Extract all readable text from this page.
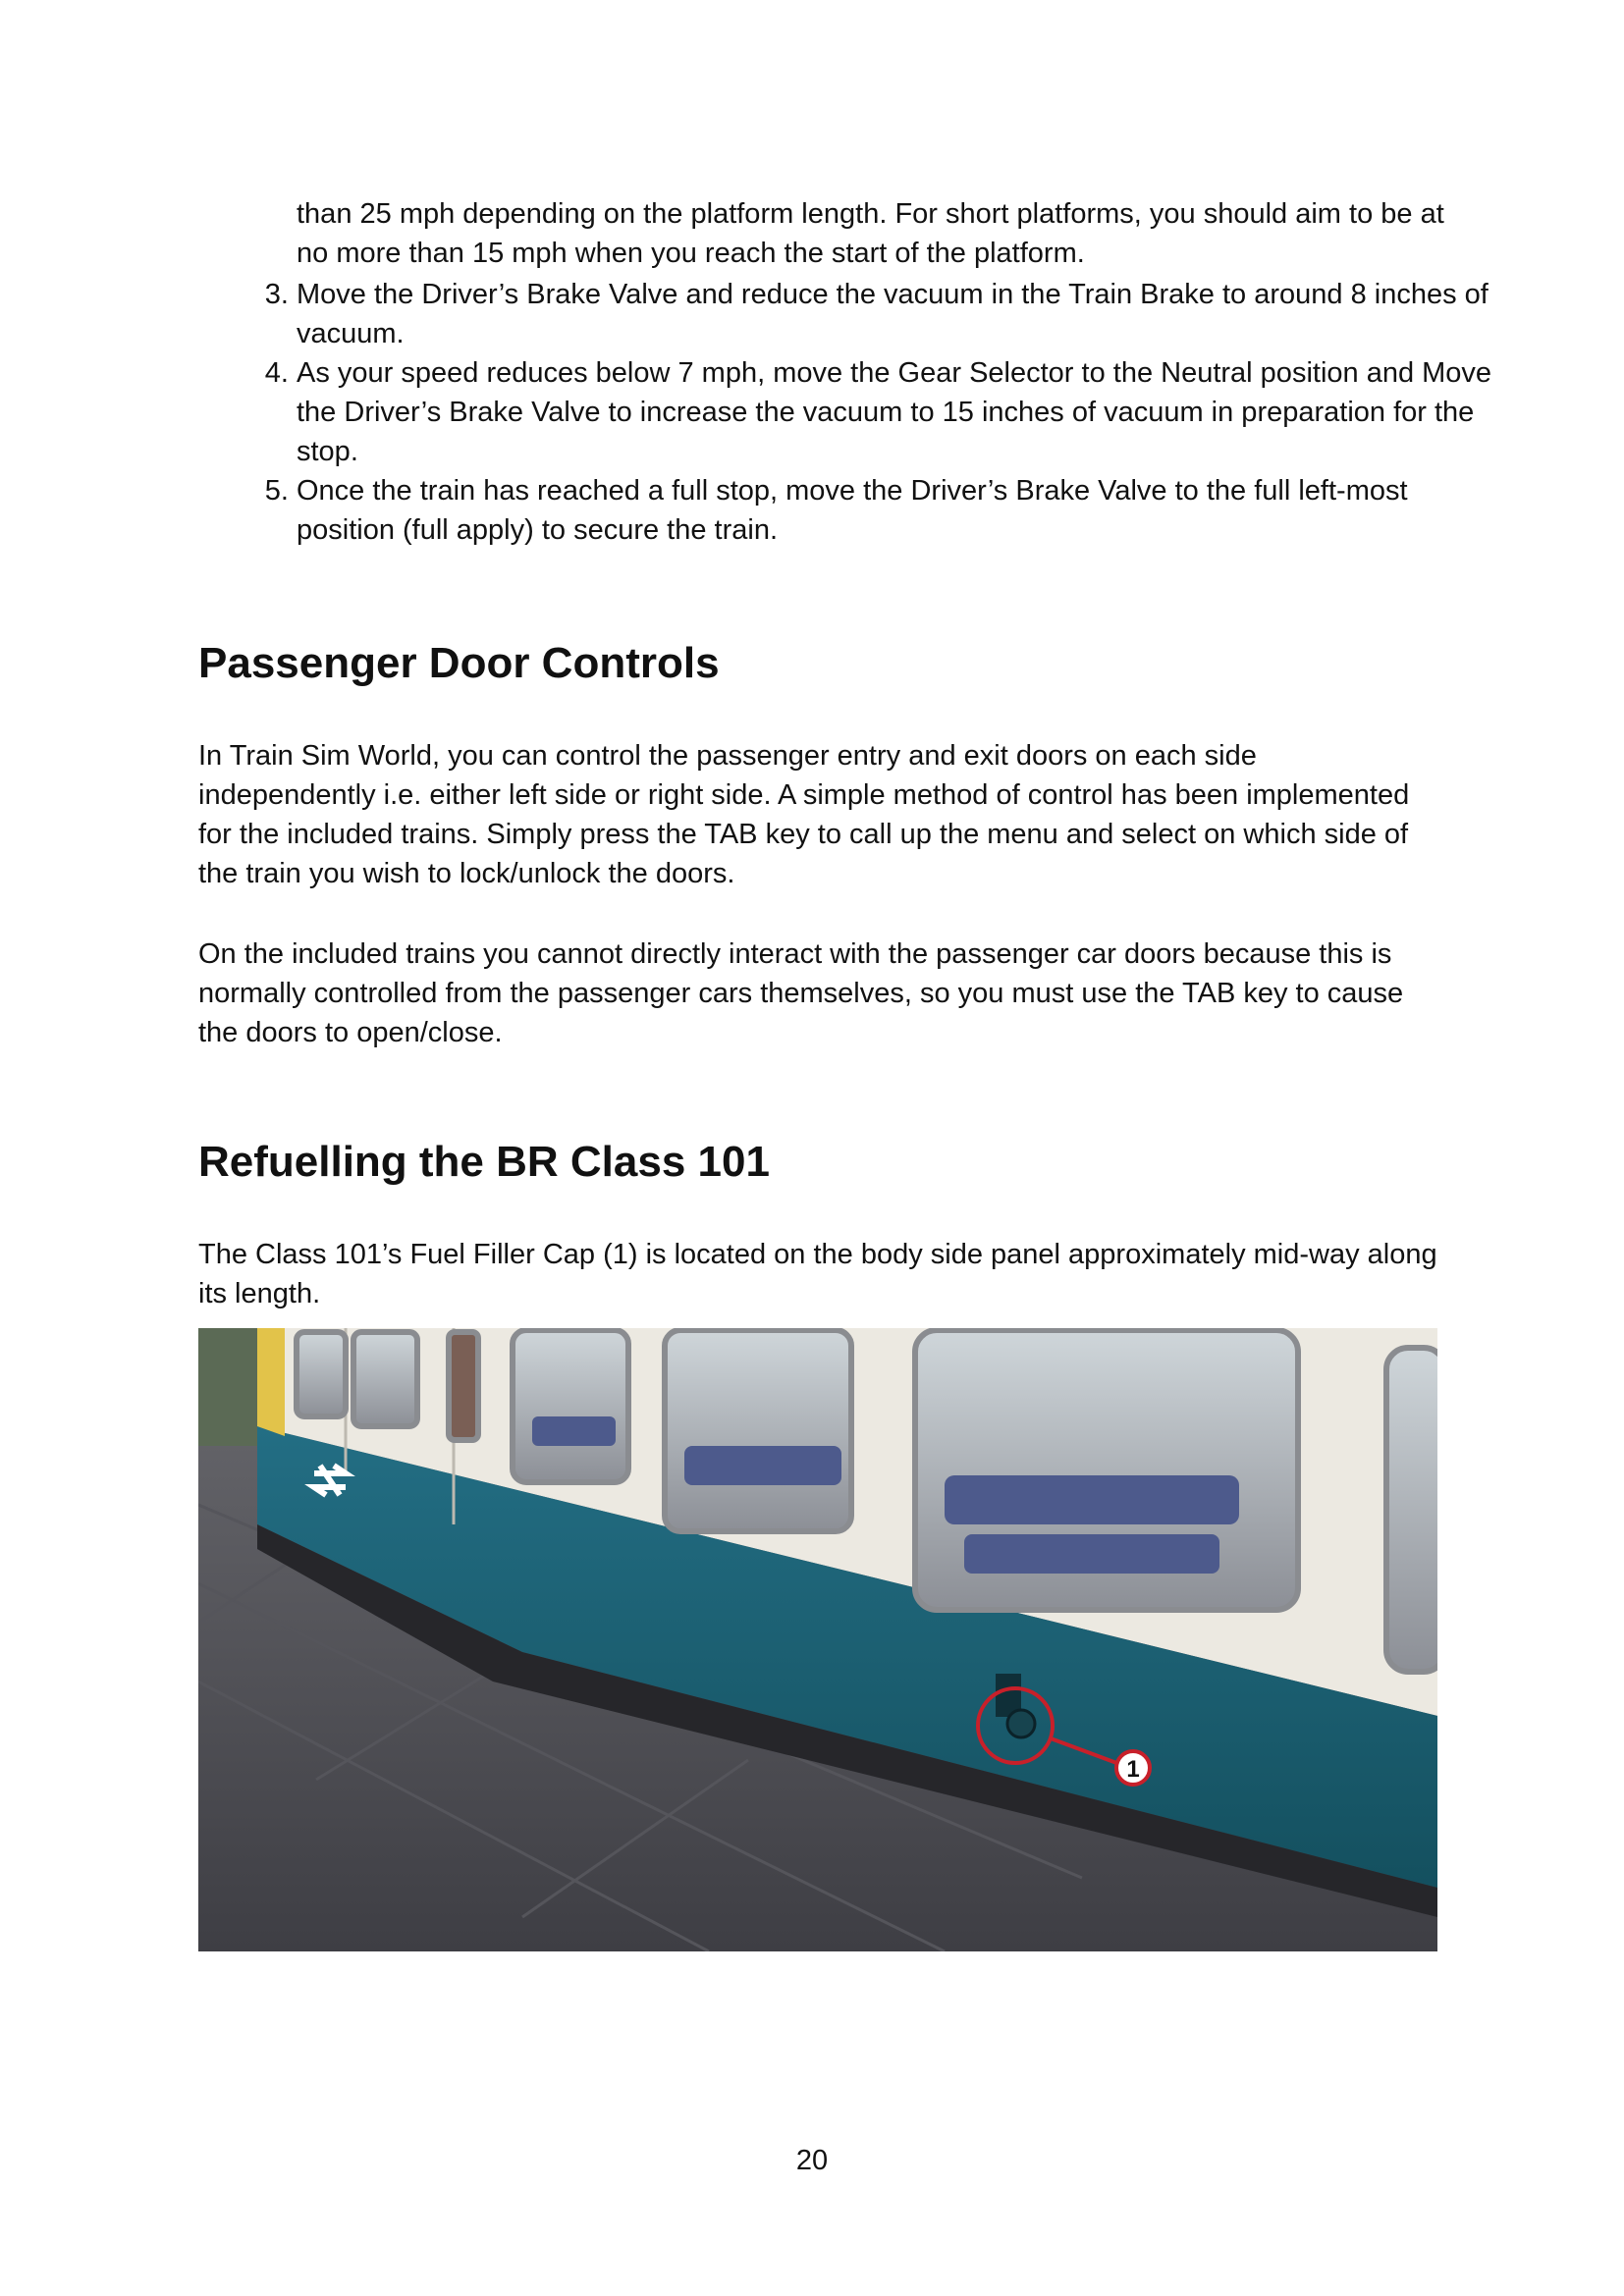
than 25 mph depending on the platform length. For short platforms, you should aim to be at no more than 15 mph when you reach the start of the platform.

3. Move the Driver’s Brake Valve and reduce the vacuum in the Train Brake to around 8 inches of vacuum.
4. As your speed reduces below 7 mph, move the Gear Selector to the Neutral position and Move the Driver’s Brake Valve to increase the vacuum to 15 inches of vacuum in preparation for the stop.
5. Once the train has reached a full stop, move the Driver’s Brake Valve to the full left-most position (full apply) to secure the train.
Passenger Door Controls

In Train Sim World, you can control the passenger entry and exit doors on each side independently i.e. either left side or right side. A simple method of control has been implemented for the included trains. Simply press the TAB key to call up the menu and select on which side of the train you wish to lock/unlock the doors.

On the included trains you cannot directly interact with the passenger car doors because this is normally controlled from the passenger cars themselves, so you must use the TAB key to cause the doors to open/close.

Refuelling the BR Class 101

The Class 101’s Fuel Filler Cap (1) is located on the body side panel approximately mid-way along its length.

1
20
